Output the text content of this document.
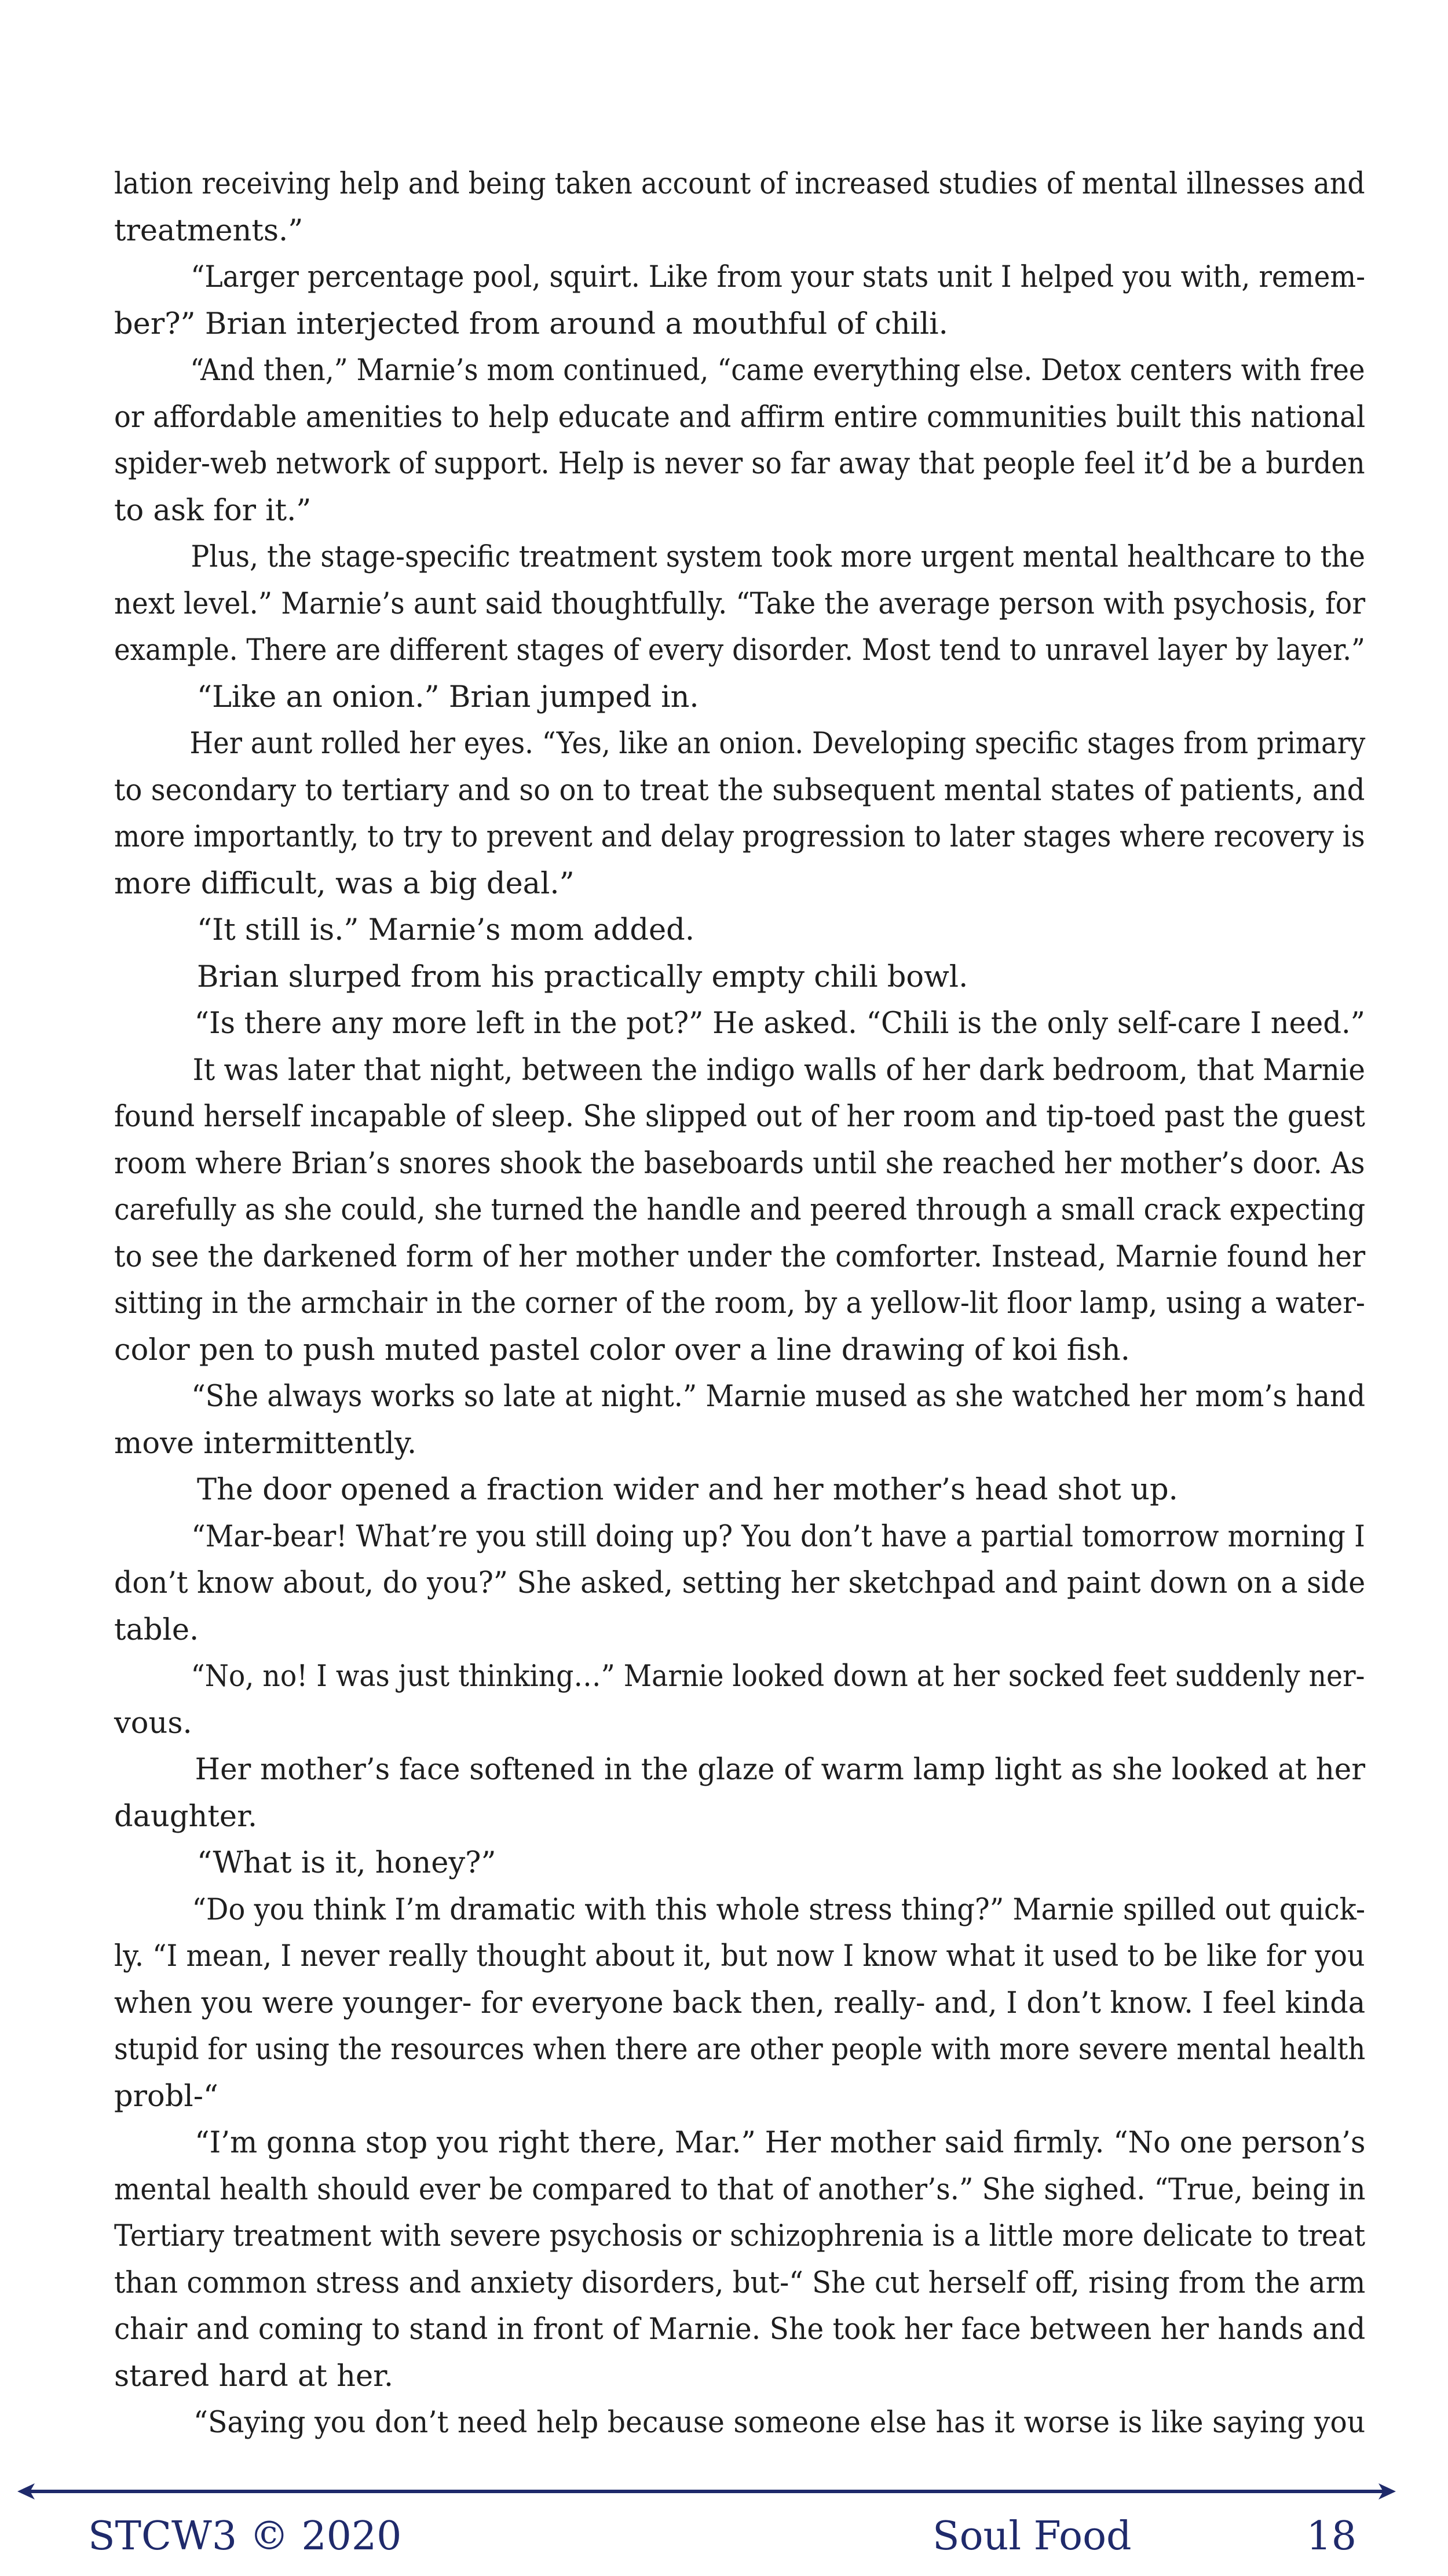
lation receiving help and being taken account of increased studies of mental illnesses and
treatments.”
“Larger percentage pool, squirt. Like from your stats unit I helped you with, remem-
ber?” Brian interjected from around a mouthful of chili.
“And then,” Marnie’s mom continued, “came everything else. Detox centers with free
or affordable amenities to help educate and affirm entire communities built this national
spider-web network of support. Help is never so far away that people feel it’d be a burden
to ask for it.”
Plus, the stage-specific treatment system took more urgent mental healthcare to the
next level.” Marnie’s aunt said thoughtfully. “Take the average person with psychosis, for
example. There are different stages of every disorder. Most tend to unravel layer by layer.”
“Like an onion.” Brian jumped in.
Her aunt rolled her eyes. “Yes, like an onion. Developing specific stages from primary
to secondary to tertiary and so on to treat the subsequent mental states of patients, and
more importantly, to try to prevent and delay progression to later stages where recovery is
more difficult, was a big deal.”
“It still is.” Marnie’s mom added.
Brian slurped from his practically empty chili bowl.
“Is there any more left in the pot?” He asked. “Chili is the only self-care I need.”
It was later that night, between the indigo walls of her dark bedroom, that Marnie
found herself incapable of sleep. She slipped out of her room and tip-toed past the guest
room where Brian’s snores shook the baseboards until she reached her mother’s door. As
carefully as she could, she turned the handle and peered through a small crack expecting
to see the darkened form of her mother under the comforter. Instead, Marnie found her
sitting in the armchair in the corner of the room, by a yellow-lit floor lamp, using a water-
color pen to push muted pastel color over a line drawing of koi fish.
“She always works so late at night.” Marnie mused as she watched her mom’s hand
move intermittently.
The door opened a fraction wider and her mother’s head shot up.
“Mar-bear! What’re you still doing up? You don’t have a partial tomorrow morning I
don’t know about, do you?” She asked, setting her sketchpad and paint down on a side
table.
“No, no! I was just thinking…” Marnie looked down at her socked feet suddenly ner-
vous.
Her mother’s face softened in the glaze of warm lamp light as she looked at her
daughter.
“What is it, honey?”
“Do you think I’m dramatic with this whole stress thing?” Marnie spilled out quick-
ly. “I mean, I never really thought about it, but now I know what it used to be like for you
when you were younger- for everyone back then, really- and, I don’t know. I feel kinda
stupid for using the resources when there are other people with more severe mental health
probl-“
“I’m gonna stop you right there, Mar.” Her mother said firmly. “No one person’s
mental health should ever be compared to that of another’s.” She sighed. “True, being in
Tertiary treatment with severe psychosis or schizophrenia is a little more delicate to treat
than common stress and anxiety disorders, but-“ She cut herself off, rising from the arm
chair and coming to stand in front of Marnie. She took her face between her hands and
stared hard at her.
“Saying you don’t need help because someone else has it worse is like saying you
STCW3 © 2020	Soul Food	18
